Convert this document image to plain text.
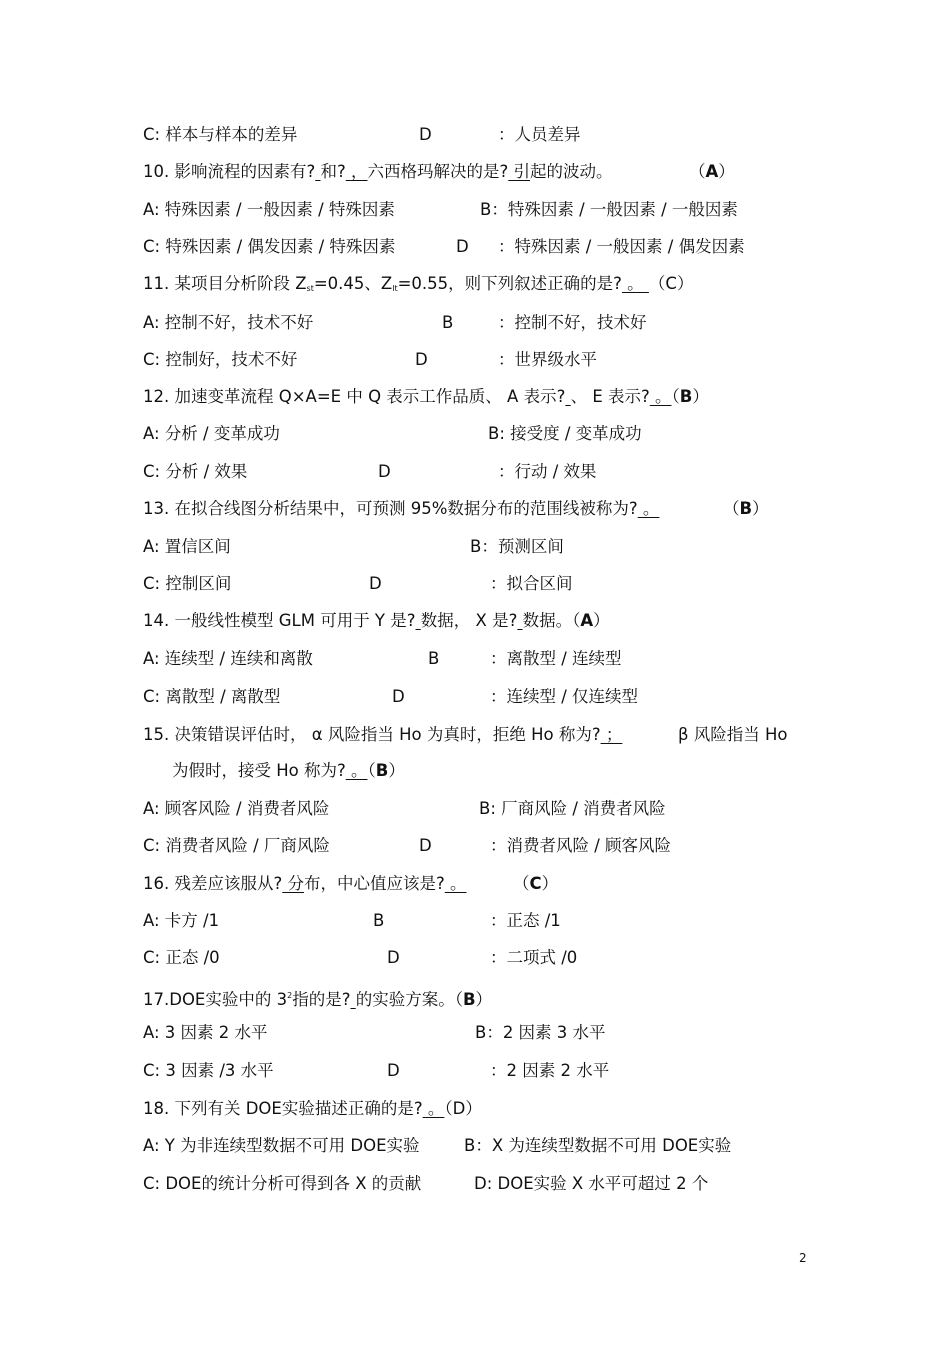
C: 样本与样本的差异	D	：人员差异
10. 影响流程的因素有? 和? ，六西格玛解决的是? 引起的波动。	（A）
A: 特殊因素 / 一般因素 / 特殊因素	B：特殊因素 / 一般因素 / 一般因素
C: 特殊因素 / 偶发因素 / 特殊因素	D ：特殊因素 / 一般因素 / 偶发因素
11. 某项目分析阶段 $Z_{st}=0.45$、$Z_{lt}=0.55$，则下列叙述正确的是? 。 （C）
A: 控制不好，技术不好	B	：控制不好，技术好
C: 控制好，技术不好	D	：世界级水平
12. 加速变革流程 Q×A=E 中 Q 表示工作品质、 A 表示? 、 E 表示? 。（B）
A: 分析 / 变革成功	B: 接受度 / 变革成功
C: 分析 / 效果	D	：行动 / 效果
13. 在拟合线图分析结果中，可预测 95%数据分布的范围线被称为? 。	（B）
A: 置信区间	B：预测区间
C: 控制区间	D	：拟合区间
14. 一般线性模型 GLM 可用于 Y 是? 数据， X 是? 数据。（A）
A: 连续型 / 连续和离散	B	：离散型 / 连续型
C: 离散型 / 离散型	D	：连续型 / 仅连续型
15. 决策错误评估时， α 风险指当 Ho 为真时，拒绝 Ho 称为? ；	β 风险指当 Ho
为假时，接受 Ho 称为? 。（B）
A: 顾客风险 / 消费者风险	B: 厂商风险 / 消费者风险
C: 消费者风险 / 厂商风险	D	：消费者风险 / 顾客风险
16. 残差应该服从? 分布，中心值应该是? 。	（C）
A: 卡方 /1	B	：正态 /1
C: 正态 /0	D	：二项式 /0
17.DOE实验中的 $3^2$指的是? 的实验方案。（B）
A: 3 因素 2 水平	B：2 因素 3 水平
C: 3 因素 /3 水平	D	：2 因素 2 水平
18. 下列有关 DOE实验描述正确的是? 。（D）
A: Y 为非连续型数据不可用 DOE实验	B：X 为连续型数据不可用 DOE实验
C: DOE的统计分析可得到各 X 的贡献	D: DOE实验 X 水平可超过 2 个
2
